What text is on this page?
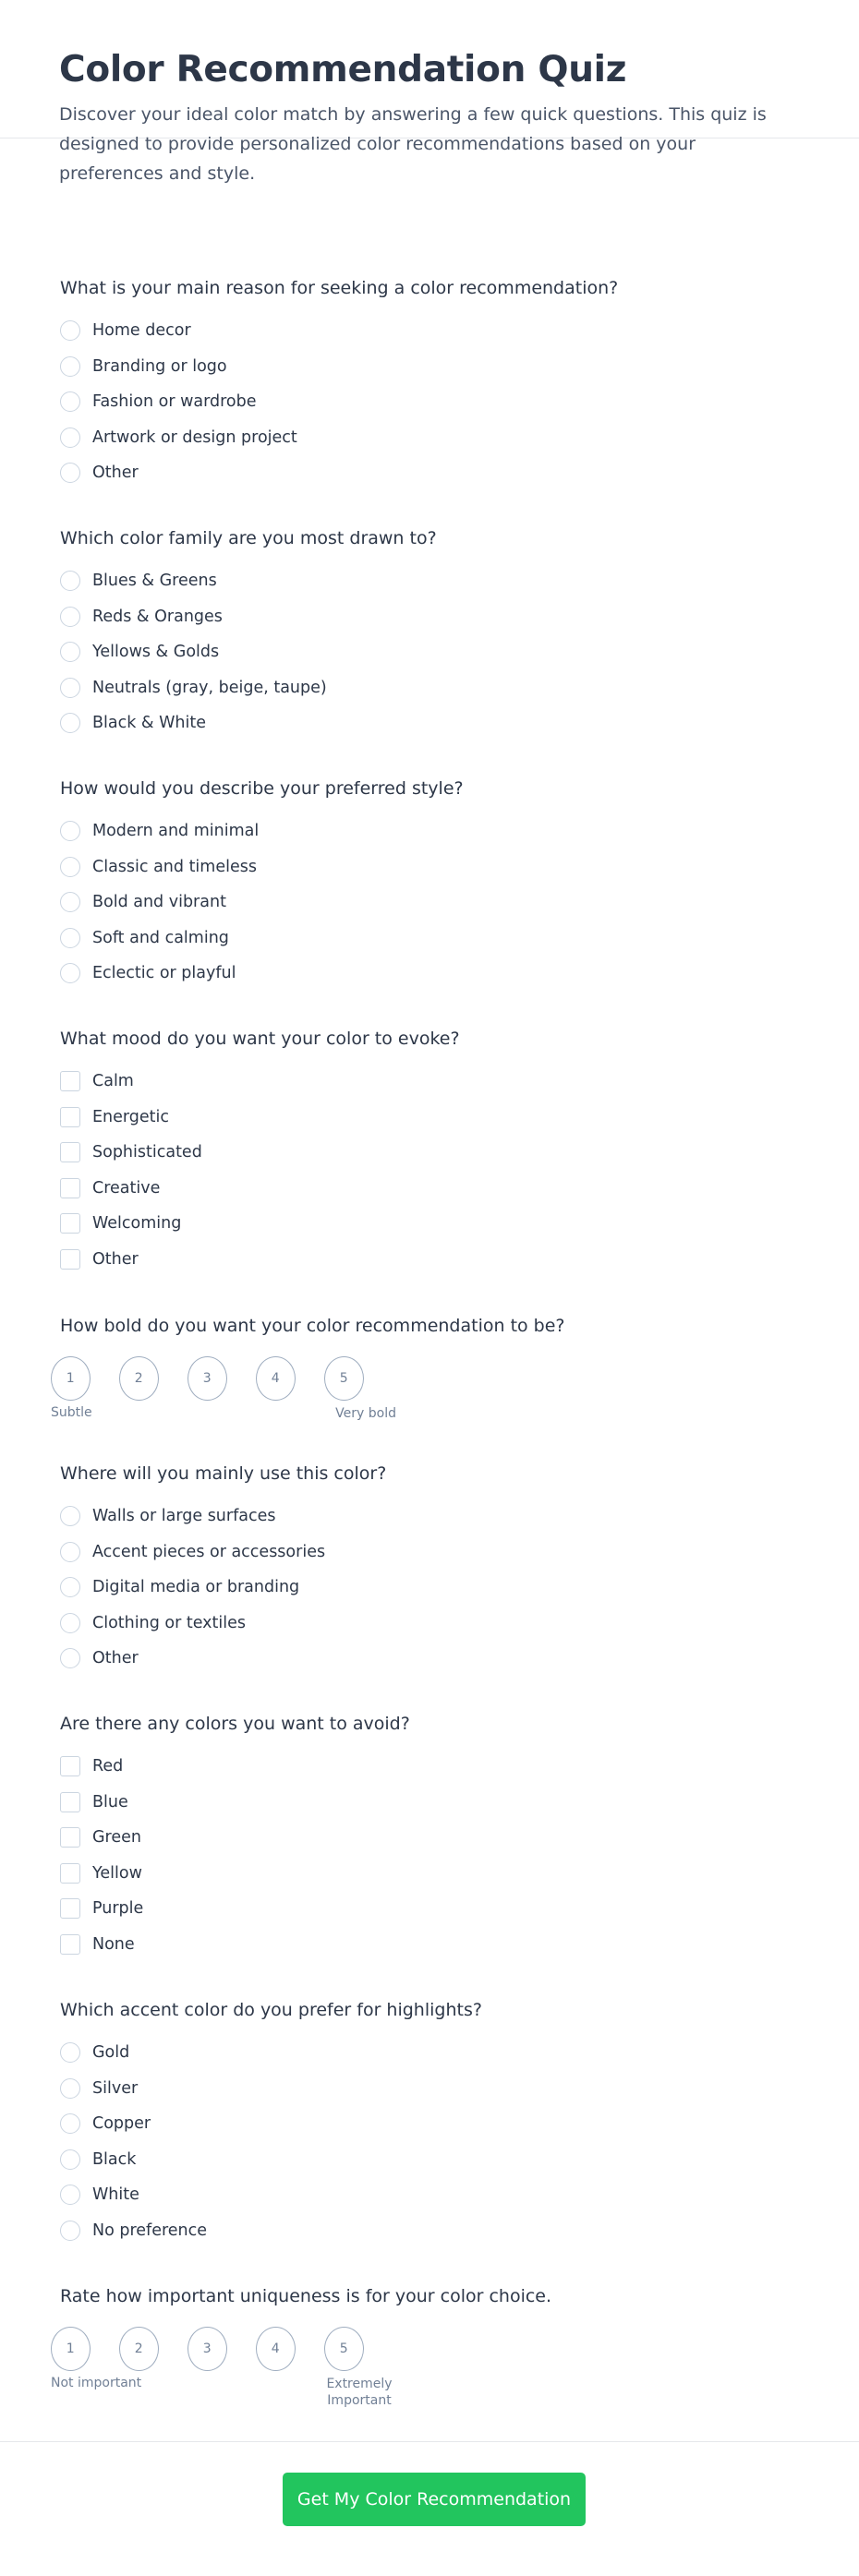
Color Recommendation Quiz
Discover your ideal color match by answering a few quick questions. This quiz is designed to provide personalized color recommendations based on your preferences and style.
What is your main reason for seeking a color recommendation?
Home decor
Branding or logo
Fashion or wardrobe
Artwork or design project
Other
Which color family are you most drawn to?
Blues & Greens
Reds & Oranges
Yellows & Golds
Neutrals (gray, beige, taupe)
Black & White
How would you describe your preferred style?
Modern and minimal
Classic and timeless
Bold and vibrant
Soft and calming
Eclectic or playful
What mood do you want your color to evoke?
Calm
Energetic
Sophisticated
Creative
Welcoming
Other
How bold do you want your color recommendation to be?
1	2	3	4	5
Subtle	Very bold
Where will you mainly use this color?
Walls or large surfaces
Accent pieces or accessories
Digital media or branding
Clothing or textiles
Other
Are there any colors you want to avoid?
Red
Blue
Green
Yellow
Purple
None
Which accent color do you prefer for highlights?
Gold
Silver
Copper
Black
White
No preference
Rate how important uniqueness is for your color choice.
1	2	3	4	5
Not important	Extremely Important
Get My Color Recommendation
